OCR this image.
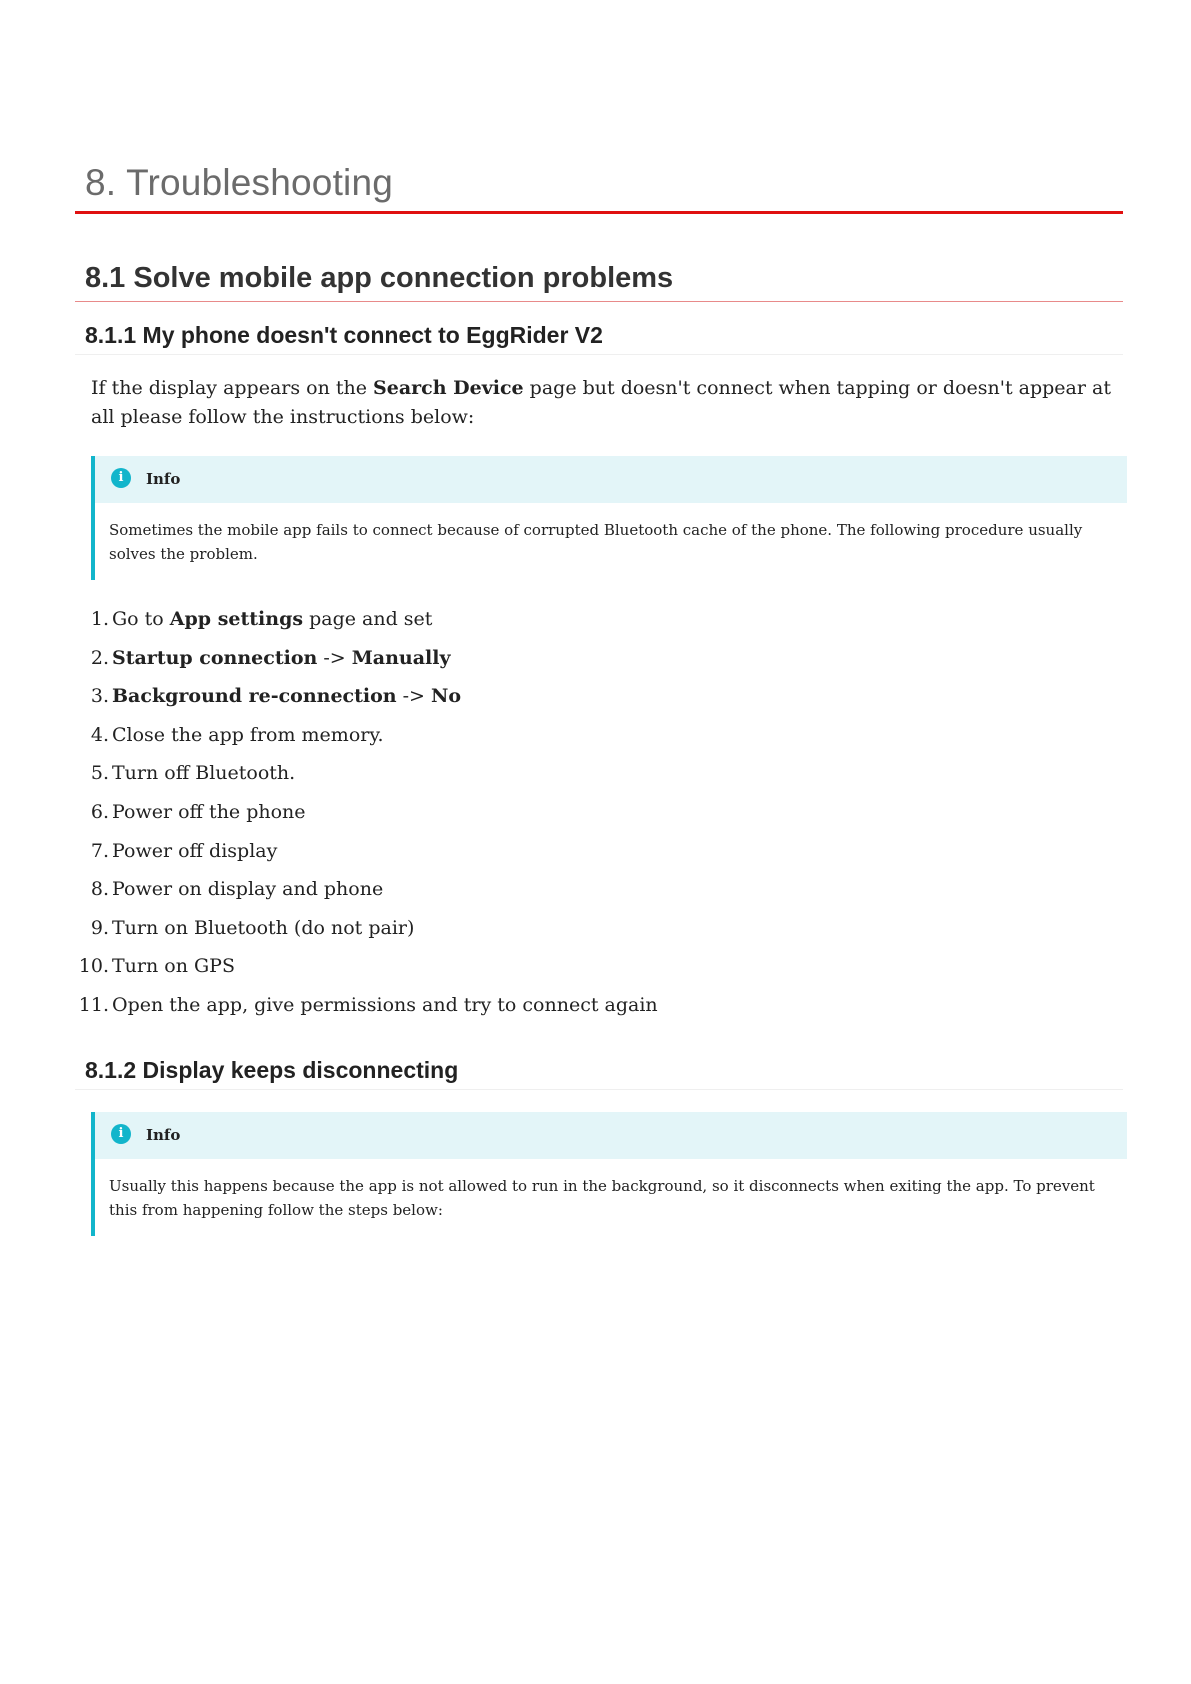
8. Troubleshooting
8.1 Solve mobile app connection problems
8.1.1 My phone doesn't connect to EggRider V2

If the display appears on the Search Device page but doesn't connect when tapping or doesn't appear at all please follow the instructions below:

i	Info
Sometimes the mobile app fails to connect because of corrupted Bluetooth cache of the phone. The following procedure usually solves the problem.
1. Go to App settings page and set
2. Startup connection -> Manually
3. Background re-connection -> No
4. Close the app from memory.
5. Turn off Bluetooth.
6. Power off the phone
7. Power off display
8. Power on display and phone
9. Turn on Bluetooth (do not pair)
10. Turn on GPS
11. Open the app, give permissions and try to connect again
8.1.2 Display keeps disconnecting
i	Info
Usually this happens because the app is not allowed to run in the background, so it disconnects when exiting the app. To prevent this from happening follow the steps below:
